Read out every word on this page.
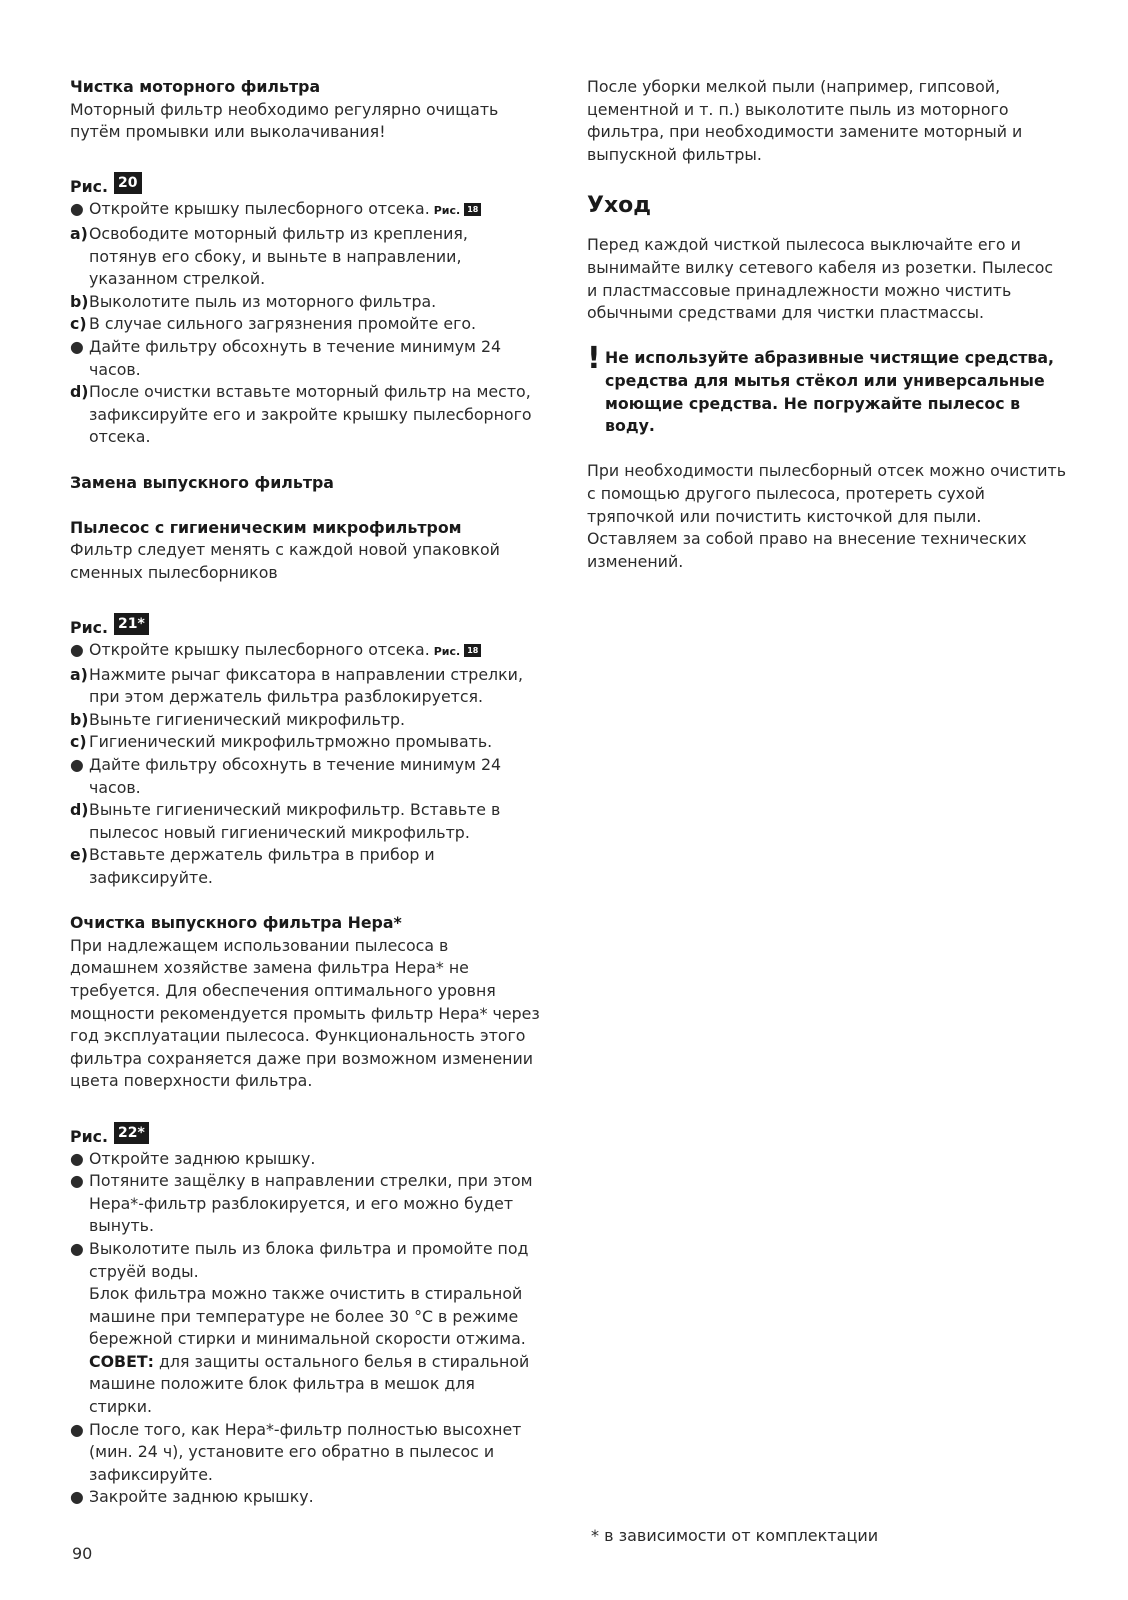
Чистка моторного фильтра

Моторный фильтр необходимо регулярно очищать путём промывки или выколачивания!

Рис. 20
● Откройте крышку пылесборного отсека. Рис. 18
a) Освободите моторный фильтр из крепления, потянув его сбоку, и выньте в направлении, указанном стрелкой.
b) Выколотите пыль из моторного фильтра.
c) В случае сильного загрязнения промойте его.
● Дайте фильтру обсохнуть в течение минимум 24 часов.
d) После очистки вставьте моторный фильтр на место, зафиксируйте его и закройте крышку пылесборного отсека.

Замена выпускного фильтра

Пылесос с гигиеническим микрофильтром

Фильтр следует менять с каждой новой упаковкой сменных пылесборников

Рис. 21*
● Откройте крышку пылесборного отсека. Рис. 18
a) Нажмите рычаг фиксатора в направлении стрелки, при этом держатель фильтра разблокируется.
b) Выньте гигиенический микрофильтр.
c) Гигиенический микрофильтрможно промывать.
● Дайте фильтру обсохнуть в течение минимум 24 часов.
d) Выньте гигиенический микрофильтр. Вставьте в пылесос новый гигиенический микрофильтр.
e) Вставьте держатель фильтра в прибор и зафиксируйте.

Очистка выпускного фильтра Hepa*

При надлежащем использовании пылесоса в домашнем хозяйстве замена фильтра Hepa* не требуется. Для обеспечения оптимального уровня мощности рекомендуется промыть фильтр Hepa* через год эксплуатации пылесоса. Функциональность этого фильтра сохраняется даже при возможном изменении цвета поверхности фильтра.

Рис. 22*
● Откройте заднюю крышку.
● Потяните защёлку в направлении стрелки, при этом Hepa*-фильтр разблокируется, и его можно будет вынуть.
● Выколотите пыль из блока фильтра и промойте под струёй воды.
Блок фильтра можно также очистить в стиральной машине при температуре не более 30 °C в режиме бережной стирки и минимальной скорости отжима.
СОВЕТ: для защиты остального белья в стиральной машине положите блок фильтра в мешок для стирки.
● После того, как Hepa*-фильтр полностью высохнет (мин. 24 ч), установите его обратно в пылесос и зафиксируйте.
● Закройте заднюю крышку.

После уборки мелкой пыли (например, гипсовой, цементной и т. п.) выколотите пыль из моторного фильтра, при необходимости замените моторный и выпускной фильтры.

Уход

Перед каждой чисткой пылесоса выключайте его и вынимайте вилку сетевого кабеля из розетки. Пылесос и пластмассовые принадлежности можно чистить обычными средствами для чистки пластмассы.

! Не используйте абразивные чистящие средства, средства для мытья стёкол или универсальные моющие средства. Не погружайте пылесос в воду.

При необходимости пылесборный отсек можно очистить с помощью другого пылесоса, протереть сухой тряпочкой или почистить кисточкой для пыли. Оставляем за собой право на внесение технических изменений.

* в зависимости от комплектации
90
